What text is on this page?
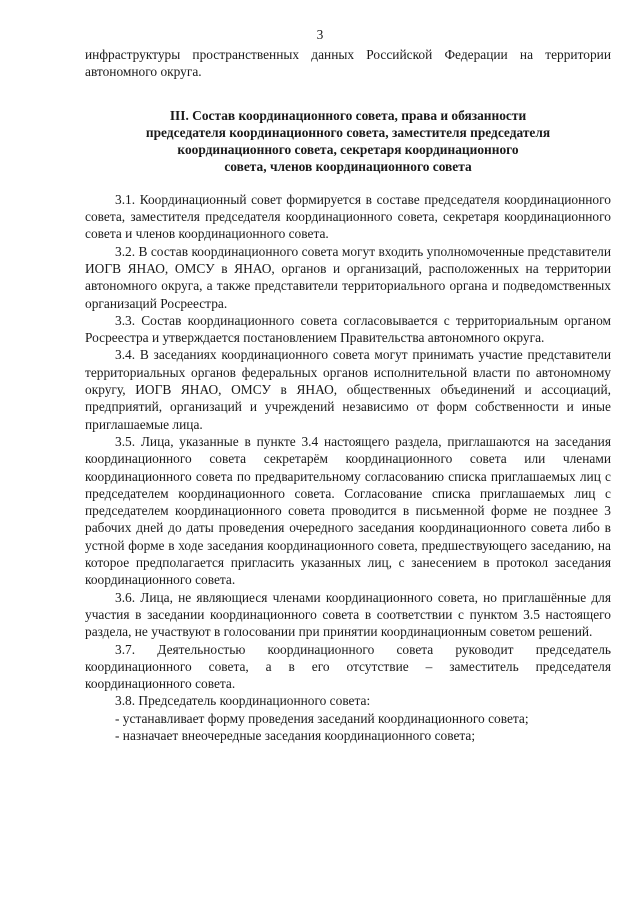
3

инфраструктуры пространственных данных Российской Федерации на территории автономного округа.

III. Состав координационного совета, права и обязанности
председателя координационного совета, заместителя председателя
координационного совета, секретаря координационного
совета, членов координационного совета

3.1. Координационный совет формируется в составе председателя координационного совета, заместителя председателя координационного совета, секретаря координационного совета и членов координационного совета.

3.2. В состав координационного совета могут входить уполномоченные представители ИОГВ ЯНАО, ОМСУ в ЯНАО, органов и организаций, расположенных на территории автономного округа, а также представители территориального органа и подведомственных организаций Росреестра.

3.3. Состав координационного совета согласовывается с территориальным органом Росреестра и утверждается постановлением Правительства автономного округа.

3.4. В заседаниях координационного совета могут принимать участие представители территориальных органов федеральных органов исполнительной власти по автономному округу, ИОГВ ЯНАО, ОМСУ в ЯНАО, общественных объединений и ассоциаций, предприятий, организаций и учреждений независимо от форм собственности и иные приглашаемые лица.

3.5. Лица, указанные в пункте 3.4 настоящего раздела, приглашаются на заседания координационного совета секретарём координационного совета или членами координационного совета по предварительному согласованию списка приглашаемых лиц с председателем координационного совета. Согласование списка приглашаемых лиц с председателем координационного совета проводится в письменной форме не позднее 3 рабочих дней до даты проведения очередного заседания координационного совета либо в устной форме в ходе заседания координационного совета, предшествующего заседанию, на которое предполагается пригласить указанных лиц, с занесением в протокол заседания координационного совета.

3.6. Лица, не являющиеся членами координационного совета, но приглашённые для участия в заседании координационного совета в соответствии с пунктом 3.5 настоящего раздела, не участвуют в голосовании при принятии координационным советом решений.

3.7. Деятельностью координационного совета руководит председатель координационного совета, а в его отсутствие – заместитель председателя координационного совета.

3.8. Председатель координационного совета:

- устанавливает форму проведения заседаний координационного совета;

- назначает внеочередные заседания координационного совета;
